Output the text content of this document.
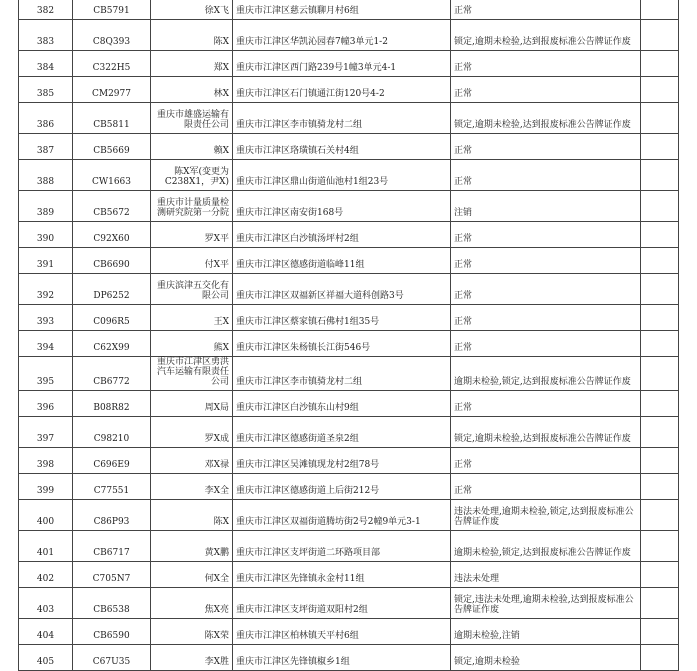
382	CB5791	徐X飞	重庆市江津区慈云镇聊月村6组	正常	
383	C8Q393	陈X	重庆市江津区华凯沁园春7幢3单元1-2	锁定,逾期未检验,达到报废标准公告牌证作废	
384	C322H5	郑X	重庆市江津区西门路239号1幢3单元4-1	正常	
385	CM2977	林X	重庆市江津区石门镇通江街120号4-2	正常	
386	CB5811	重庆市雄盛运输有限责任公司	重庆市江津区李市镇骑龙村二组	锁定,逾期未检验,达到报废标准公告牌证作废	
387	CB5669	赖X	重庆市江津区珞璜镇石关村4组	正常	
388	CW1663	陈X军(变更为C238X1，尹X)	重庆市江津区鼎山街道仙池村1组23号	正常	
389	CB5672	重庆市计量质量检测研究院第一分院	重庆市江津区南安街168号	注销	
390	C92X60	罗X平	重庆市江津区白沙镇汤坪村2组	正常	
391	CB6690	付X平	重庆市江津区德感街道临峰11组	正常	
392	DP6252	重庆滨津五交化有限公司	重庆市江津区双福新区祥福大道科创路3号	正常	
393	C096R5	王X	重庆市江津区蔡家镇石佛村1组35号	正常	
394	C62X99	熊X	重庆市江津区朱杨镇长江街546号	正常	
395	CB6772	重庆市江津区勇洪汽车运输有限责任公司	重庆市江津区李市镇骑龙村二组	逾期未检验,锁定,达到报废标准公告牌证作废	
396	B08R82	周X局	重庆市江津区白沙镇东山村9组	正常	
397	C98210	罗X成	重庆市江津区德感街道圣泉2组	锁定,逾期未检验,达到报废标准公告牌证作废	
398	C696E9	邓X禄	重庆市江津区吴滩镇现龙村2组78号	正常	
399	C77551	李X全	重庆市江津区德感街道上后街212号	正常	
400	C86P93	陈X	重庆市江津区双福街道腾坊街2号2幢9单元3-1	违法未处理,逾期未检验,锁定,达到报废标准公告牌证作废	
401	CB6717	黄X鹏	重庆市江津区支坪街道二环路项目部	逾期未检验,锁定,达到报废标准公告牌证作废	
402	C705N7	何X全	重庆市江津区先锋镇永金村11组	违法未处理	
403	CB6538	焦X亮	重庆市江津区支坪街道双阳村2组	锁定,违法未处理,逾期未检验,达到报废标准公告牌证作废	
404	CB6590	陈X荣	重庆市江津区柏林镇天平村6组	逾期未检验,注销	
405	C67U35	李X胜	重庆市江津区先锋镇椒乡1组	锁定,逾期未检验	
